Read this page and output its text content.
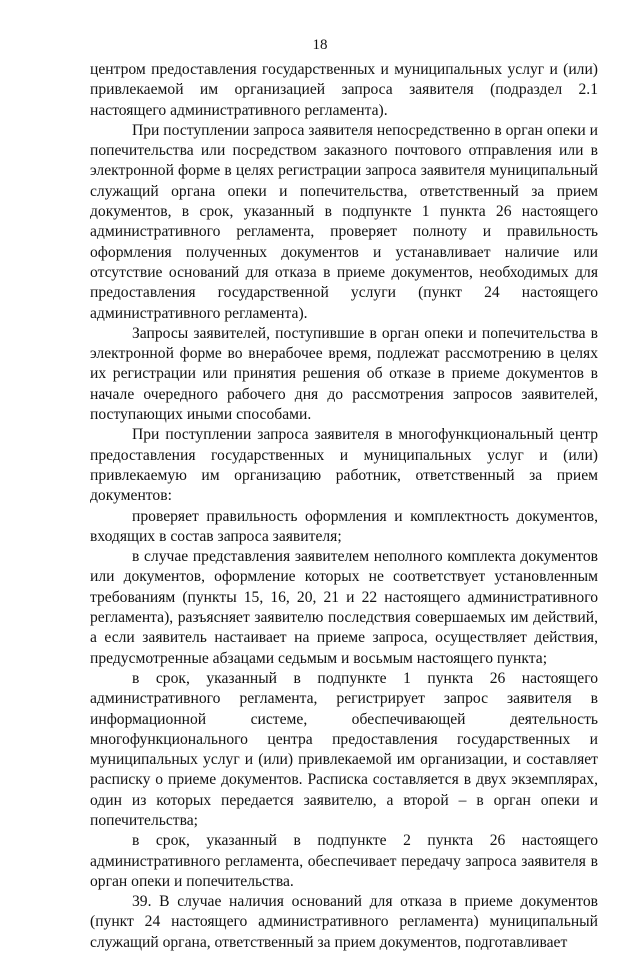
18

центром предоставления государственных и муниципальных услуг и (или) привлекаемой им организацией запроса заявителя (подраздел 2.1 настоящего административного регламента).

При поступлении запроса заявителя непосредственно в орган опеки и попечительства или посредством заказного почтового отправления или в электронной форме в целях регистрации запроса заявителя муниципальный служащий органа опеки и попечительства, ответственный за прием документов, в срок, указанный в подпункте 1 пункта 26 настоящего административного регламента, проверяет полноту и правильность оформления полученных документов и устанавливает наличие или отсутствие оснований для отказа в приеме документов, необходимых для предоставления государственной услуги (пункт 24 настоящего административного регламента).

Запросы заявителей, поступившие в орган опеки и попечительства в электронной форме во внерабочее время, подлежат рассмотрению в целях их регистрации или принятия решения об отказе в приеме документов в начале очередного рабочего дня до рассмотрения запросов заявителей, поступающих иными способами.

При поступлении запроса заявителя в многофункциональный центр предоставления государственных и муниципальных услуг и (или) привлекаемую им организацию работник, ответственный за прием документов:

проверяет правильность оформления и комплектность документов, входящих в состав запроса заявителя;

в случае представления заявителем неполного комплекта документов или документов, оформление которых не соответствует установленным требованиям (пункты 15, 16, 20, 21 и 22 настоящего административного регламента), разъясняет заявителю последствия совершаемых им действий, а если заявитель настаивает на приеме запроса, осуществляет действия, предусмотренные абзацами седьмым и восьмым настоящего пункта;

в срок, указанный в подпункте 1 пункта 26 настоящего административного регламента, регистрирует запрос заявителя в информационной системе, обеспечивающей деятельность многофункционального центра предоставления государственных и муниципальных услуг и (или) привлекаемой им организации, и составляет расписку о приеме документов. Расписка составляется в двух экземплярах, один из которых передается заявителю, а второй – в орган опеки и попечительства;

в срок, указанный в подпункте 2 пункта 26 настоящего административного регламента, обеспечивает передачу запроса заявителя в орган опеки и попечительства.

39. В случае наличия оснований для отказа в приеме документов (пункт 24 настоящего административного регламента) муниципальный служащий органа, ответственный за прием документов, подготавливает
